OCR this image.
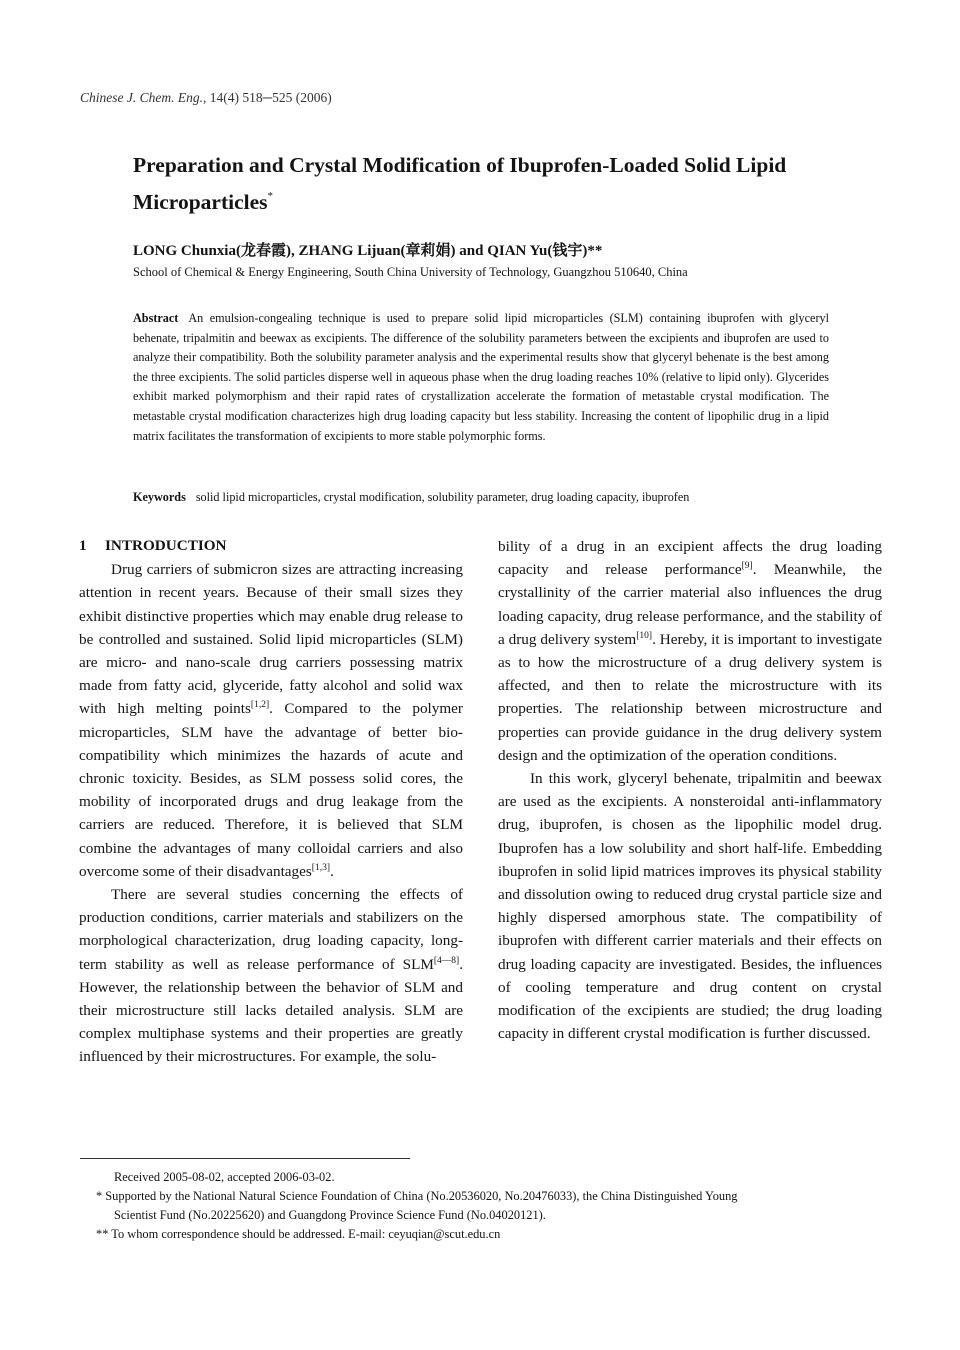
Chinese J. Chem. Eng., 14(4) 518─525 (2006)
Preparation and Crystal Modification of Ibuprofen-Loaded Solid Lipid Microparticles*
LONG Chunxia(龙春霞), ZHANG Lijuan(章莉娟) and QIAN Yu(钱宇)**
School of Chemical & Energy Engineering, South China University of Technology, Guangzhou 510640, China

Abstract An emulsion-congealing technique is used to prepare solid lipid microparticles (SLM) containing ibuprofen with glyceryl behenate, tripalmitin and beewax as excipients. The difference of the solubility parameters between the excipients and ibuprofen are used to analyze their compatibility. Both the solubility parameter analysis and the experimental results show that glyceryl behenate is the best among the three excipients. The solid particles disperse well in aqueous phase when the drug loading reaches 10% (relative to lipid only). Glycerides exhibit marked polymorphism and their rapid rates of crystallization accelerate the formation of metastable crystal modification. The metastable crystal modification characterizes high drug loading capacity but less stability. Increasing the content of lipophilic drug in a lipid matrix facilitates the transformation of excipients to more stable polymorphic forms.

Keywords solid lipid microparticles, crystal modification, solubility parameter, drug loading capacity, ibuprofen
1 INTRODUCTION

Drug carriers of submicron sizes are attracting increasing attention in recent years. Because of their small sizes they exhibit distinctive properties which may enable drug release to be controlled and sustained. Solid lipid microparticles (SLM) are micro- and nano-scale drug carriers possessing matrix made from fatty acid, glyceride, fatty alcohol and solid wax with high melting points[1,2]. Compared to the polymer microparticles, SLM have the advantage of better bio-compatibility which minimizes the hazards of acute and chronic toxicity. Besides, as SLM possess solid cores, the mobility of incorporated drugs and drug leakage from the carriers are reduced. Therefore, it is believed that SLM combine the advantages of many colloidal carriers and also overcome some of their disadvantages[1,3].

There are several studies concerning the effects of production conditions, carrier materials and stabilizers on the morphological characterization, drug loading capacity, long-term stability as well as release performance of SLM[4—8]. However, the relationship between the behavior of SLM and their microstructure still lacks detailed analysis. SLM are complex multiphase systems and their properties are greatly influenced by their microstructures. For example, the solu-

bility of a drug in an excipient affects the drug loading capacity and release performance[9]. Meanwhile, the crystallinity of the carrier material also influences the drug loading capacity, drug release performance, and the stability of a drug delivery system[10]. Hereby, it is important to investigate as to how the microstructure of a drug delivery system is affected, and then to relate the microstructure with its properties. The relationship between microstructure and properties can provide guidance in the drug delivery system design and the optimization of the operation conditions.

In this work, glyceryl behenate, tripalmitin and beewax are used as the excipients. A nonsteroidal anti-inflammatory drug, ibuprofen, is chosen as the lipophilic model drug. Ibuprofen has a low solubility and short half-life. Embedding ibuprofen in solid lipid matrices improves its physical stability and dissolution owing to reduced drug crystal particle size and highly dispersed amorphous state. The compatibility of ibuprofen with different carrier materials and their effects on drug loading capacity are investigated. Besides, the influences of cooling temperature and drug content on crystal modification of the excipients are studied; the drug loading capacity in different crystal modification is further discussed.

Received 2005-08-02, accepted 2006-03-02.

* Supported by the National Natural Science Foundation of China (No.20536020, No.20476033), the China Distinguished Young
Scientist Fund (No.20225620) and Guangdong Province Science Fund (No.04020121).

** To whom correspondence should be addressed. E-mail: ceyuqian@scut.edu.cn
